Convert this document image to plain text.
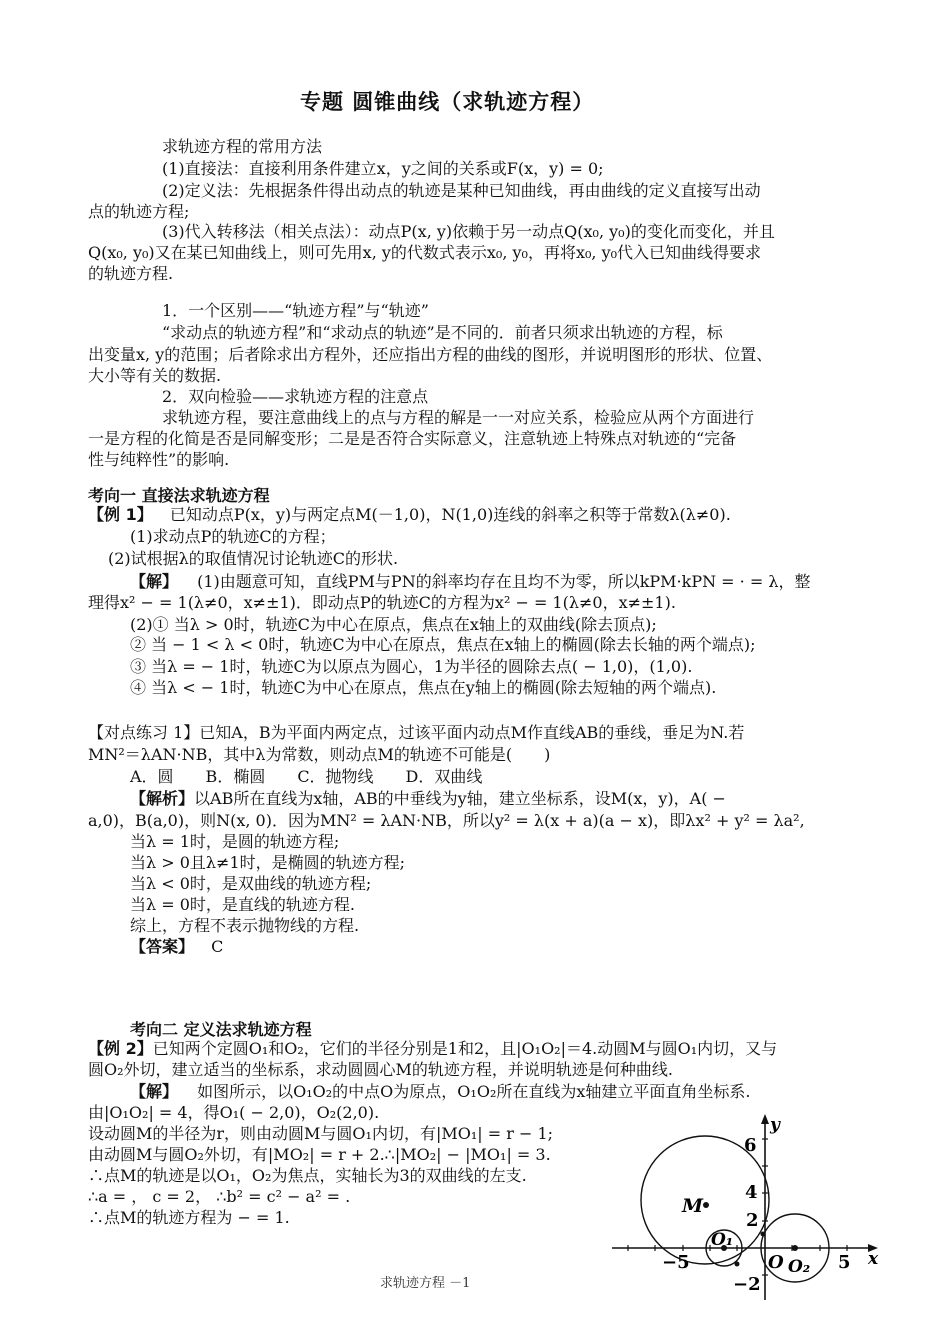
专题 圆锥曲线（求轨迹方程）
求轨迹方程的常用方法
(1)直接法：直接利用条件建立x，y之间的关系或F(x，y) = 0;
(2)定义法：先根据条件得出动点的轨迹是某种已知曲线，再由曲线的定义直接写出动
点的轨迹方程;
(3)代入转移法（相关点法）：动点P(x, y)依赖于另一动点Q(x₀, y₀)的变化而变化，并且
Q(x₀, y₀)又在某已知曲线上，则可先用x, y的代数式表示x₀, y₀，再将x₀, y₀代入已知曲线得要求
的轨迹方程.
1．一个区别——“轨迹方程”与“轨迹”
“求动点的轨迹方程”和“求动点的轨迹”是不同的．前者只须求出轨迹的方程，标
出变量x, y的范围；后者除求出方程外，还应指出方程的曲线的图形，并说明图形的形状、位置、
大小等有关的数据.
2．双向检验——求轨迹方程的注意点
求轨迹方程，要注意曲线上的点与方程的解是一一对应关系，检验应从两个方面进行
一是方程的化简是否是同解变形；二是是否符合实际意义，注意轨迹上特殊点对轨迹的“完备
性与纯粹性”的影响.
考向一 直接法求轨迹方程
【例 1】 已知动点P(x，y)与两定点M(－1,0)，N(1,0)连线的斜率之积等于常数λ(λ≠0).
(1)求动点P的轨迹C的方程；
(2)试根据λ的取值情况讨论轨迹C的形状.
【解】 (1)由题意可知，直线PM与PN的斜率均存在且均不为零，所以kPM·kPN = · = λ，整
理得x² − = 1(λ≠0，x≠±1)．即动点P的轨迹C的方程为x² − = 1(λ≠0，x≠±1).
(2)① 当λ > 0时，轨迹C为中心在原点，焦点在x轴上的双曲线(除去顶点);
② 当 − 1 < λ < 0时，轨迹C为中心在原点，焦点在x轴上的椭圆(除去长轴的两个端点);
③ 当λ = − 1时，轨迹C为以原点为圆心，1为半径的圆除去点( − 1,0)，(1,0).
④ 当λ < − 1时，轨迹C为中心在原点，焦点在y轴上的椭圆(除去短轴的两个端点).
【对点练习 1】已知A，B为平面内两定点，过该平面内动点M作直线AB的垂线，垂足为N.若
MN²＝λAN·NB，其中λ为常数，则动点M的轨迹不可能是(　　)
A．圆　　B．椭圆　　C．抛物线　　D．双曲线
【解析】以AB所在直线为x轴，AB的中垂线为y轴，建立坐标系，设M(x，y)，A( −
a,0)，B(a,0)，则N(x, 0)．因为MN² = λAN·NB，所以y² = λ(x + a)(a − x)，即λx² + y² = λa²,
当λ = 1时，是圆的轨迹方程;
当λ > 0且λ≠1时，是椭圆的轨迹方程;
当λ < 0时，是双曲线的轨迹方程;
当λ = 0时，是直线的轨迹方程.
综上，方程不表示抛物线的方程.
【答案】 C
考向二 定义法求轨迹方程
【例 2】已知两个定圆O₁和O₂，它们的半径分别是1和2，且|O₁O₂|＝4.动圆M与圆O₁内切，又与
圆O₂外切，建立适当的坐标系，求动圆圆心M的轨迹方程，并说明轨迹是何种曲线.
【解】 如图所示，以O₁O₂的中点O为原点，O₁O₂所在直线为x轴建立平面直角坐标系.
由|O₁O₂| = 4，得O₁( − 2,0)，O₂(2,0).
设动圆M的半径为r，则由动圆M与圆O₁内切，有|MO₁| = r − 1;
由动圆M与圆O₂外切，有|MO₂| = r + 2.∴|MO₂| − |MO₁| = 3.
∴点M的轨迹是以O₁，O₂为焦点，实轴长为3的双曲线的左支.
∴a = ， c = 2， ∴b² = c² − a² = .
∴点M的轨迹方程为 − = 1.
y
x
6
4
2
−2
−5	5
M
O₁
O O₂
求轨迹方程 －1
